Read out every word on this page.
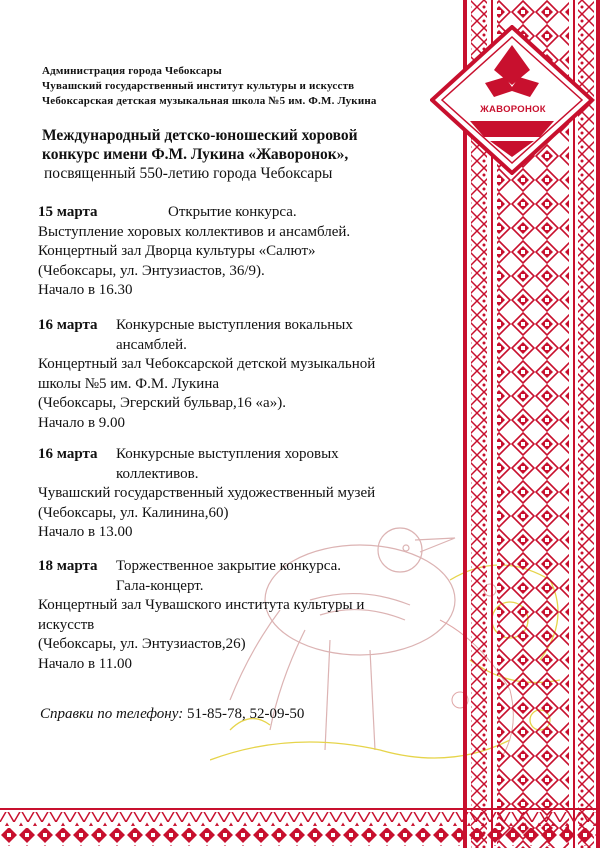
Администрация города Чебоксары
Чувашский государственный институт культуры и искусств
Чебоксарская детская музыкальная школа №5 им. Ф.М. Лукина
Международный детско-юношеский хоровой
конкурс имени Ф.М. Лукина «Жаворонок»,
посвященный 550-летию города Чебоксары
15 марта	Открытие конкурса.
Выступление хоровых коллективов и ансамблей.
Концертный зал Дворца культуры «Салют»
(Чебоксары, ул. Энтузиастов, 36/9).
Начало в 16.30
16 марта	Конкурсные выступления вокальных
ансамблей.
Концертный зал Чебоксарской детской музыкальной
школы №5 им. Ф.М. Лукина
(Чебоксары, Эгерский бульвар,16 «а»).
Начало в 9.00
16 марта	Конкурсные выступления хоровых
коллективов.
Чувашский государственный художественный музей
(Чебоксары, ул. Калинина,60)
Начало в 13.00
18 марта	Торжественное закрытие конкурса.
Гала-концерт.
Концертный зал Чувашского института культуры и
искусств
(Чебоксары, ул. Энтузиастов,26)
Начало в 11.00
Справки по телефону: 51-85-78, 52-09-50
ЖАВОРОНОК
